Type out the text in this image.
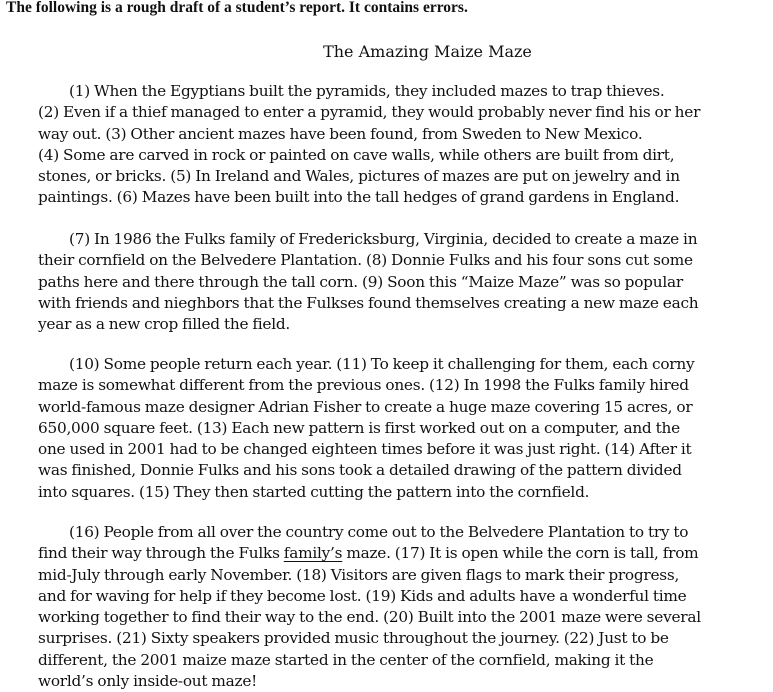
The following is a rough draft of a student’s report. It contains errors.

The Amazing Maize Maze

(1) When the Egyptians built the pyramids, they included mazes to trap thieves.
(2) Even if a thief managed to enter a pyramid, they would probably never find his or her
way out. (3) Other ancient mazes have been found, from Sweden to New Mexico.
(4) Some are carved in rock or painted on cave walls, while others are built from dirt,
stones, or bricks. (5) In Ireland and Wales, pictures of mazes are put on jewelry and in
paintings. (6) Mazes have been built into the tall hedges of grand gardens in England.

(7) In 1986 the Fulks family of Fredericksburg, Virginia, decided to create a maze in
their cornfield on the Belvedere Plantation. (8) Donnie Fulks and his four sons cut some
paths here and there through the tall corn. (9) Soon this “Maize Maze” was so popular
with friends and nieghbors that the Fulkses found themselves creating a new maze each
year as a new crop filled the field.

(10) Some people return each year. (11) To keep it challenging for them, each corny
maze is somewhat different from the previous ones. (12) In 1998 the Fulks family hired
world-famous maze designer Adrian Fisher to create a huge maze covering 15 acres, or
650,000 square feet. (13) Each new pattern is first worked out on a computer, and the
one used in 2001 had to be changed eighteen times before it was just right. (14) After it
was finished, Donnie Fulks and his sons took a detailed drawing of the pattern divided
into squares. (15) They then started cutting the pattern into the cornfield.

(16) People from all over the country come out to the Belvedere Plantation to try to
find their way through the Fulks family’s maze. (17) It is open while the corn is tall, from
mid-July through early November. (18) Visitors are given flags to mark their progress,
and for waving for help if they become lost. (19) Kids and adults have a wonderful time
working together to find their way to the end. (20) Built into the 2001 maze were several
surprises. (21) Sixty speakers provided music throughout the journey. (22) Just to be
different, the 2001 maize maze started in the center of the cornfield, making it the
world’s only inside-out maze!
